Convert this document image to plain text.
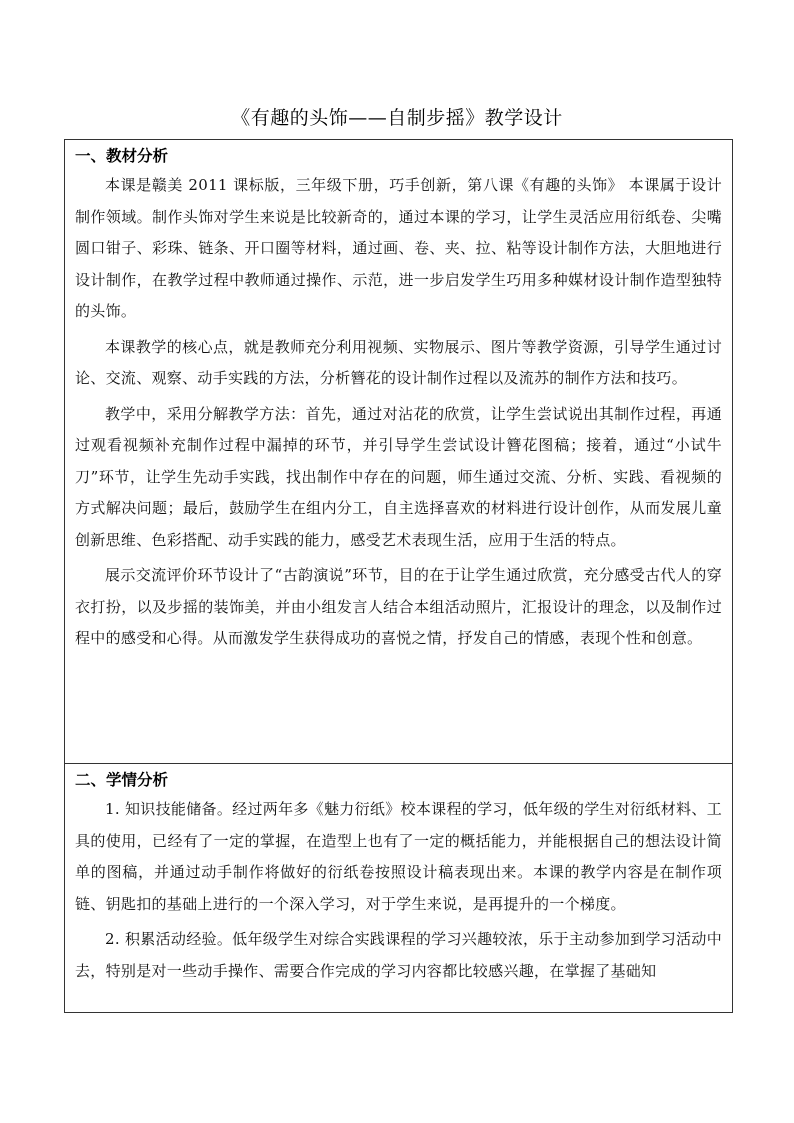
《有趣的头饰——自制步摇》教学设计
一、教材分析

本课是赣美 2011 课标版，三年级下册，巧手创新，第八课《有趣的头饰》 本课属于设计制作领域。制作头饰对学生来说是比较新奇的，通过本课的学习，让学生灵活应用衍纸卷、尖嘴圆口钳子、彩珠、链条、开口圈等材料，通过画、卷、夹、拉、粘等设计制作方法，大胆地进行设计制作，在教学过程中教师通过操作、示范，进一步启发学生巧用多种媒材设计制作造型独特的头饰。

本课教学的核心点，就是教师充分利用视频、实物展示、图片等教学资源，引导学生通过讨论、交流、观察、动手实践的方法，分析簪花的设计制作过程以及流苏的制作方法和技巧。

教学中，采用分解教学方法：首先，通过对沾花的欣赏，让学生尝试说出其制作过程，再通过观看视频补充制作过程中漏掉的环节，并引导学生尝试设计簪花图稿；接着，通过“小试牛刀”环节，让学生先动手实践，找出制作中存在的问题，师生通过交流、分析、实践、看视频的方式解决问题；最后，鼓励学生在组内分工，自主选择喜欢的材料进行设计创作，从而发展儿童创新思维、色彩搭配、动手实践的能力，感受艺术表现生活，应用于生活的特点。

展示交流评价环节设计了“古韵演说”环节，目的在于让学生通过欣赏，充分感受古代人的穿衣打扮，以及步摇的装饰美，并由小组发言人结合本组活动照片，汇报设计的理念，以及制作过程中的感受和心得。从而激发学生获得成功的喜悦之情，抒发自己的情感，表现个性和创意。

二、学情分析

1. 知识技能储备。经过两年多《魅力衍纸》校本课程的学习，低年级的学生对衍纸材料、工具的使用，已经有了一定的掌握，在造型上也有了一定的概括能力，并能根据自己的想法设计简单的图稿，并通过动手制作将做好的衍纸卷按照设计稿表现出来。本课的教学内容是在制作项链、钥匙扣的基础上进行的一个深入学习，对于学生来说，是再提升的一个梯度。

2. 积累活动经验。低年级学生对综合实践课程的学习兴趣较浓，乐于主动参加到学习活动中去，特别是对一些动手操作、需要合作完成的学习内容都比较感兴趣，在掌握了基础知
